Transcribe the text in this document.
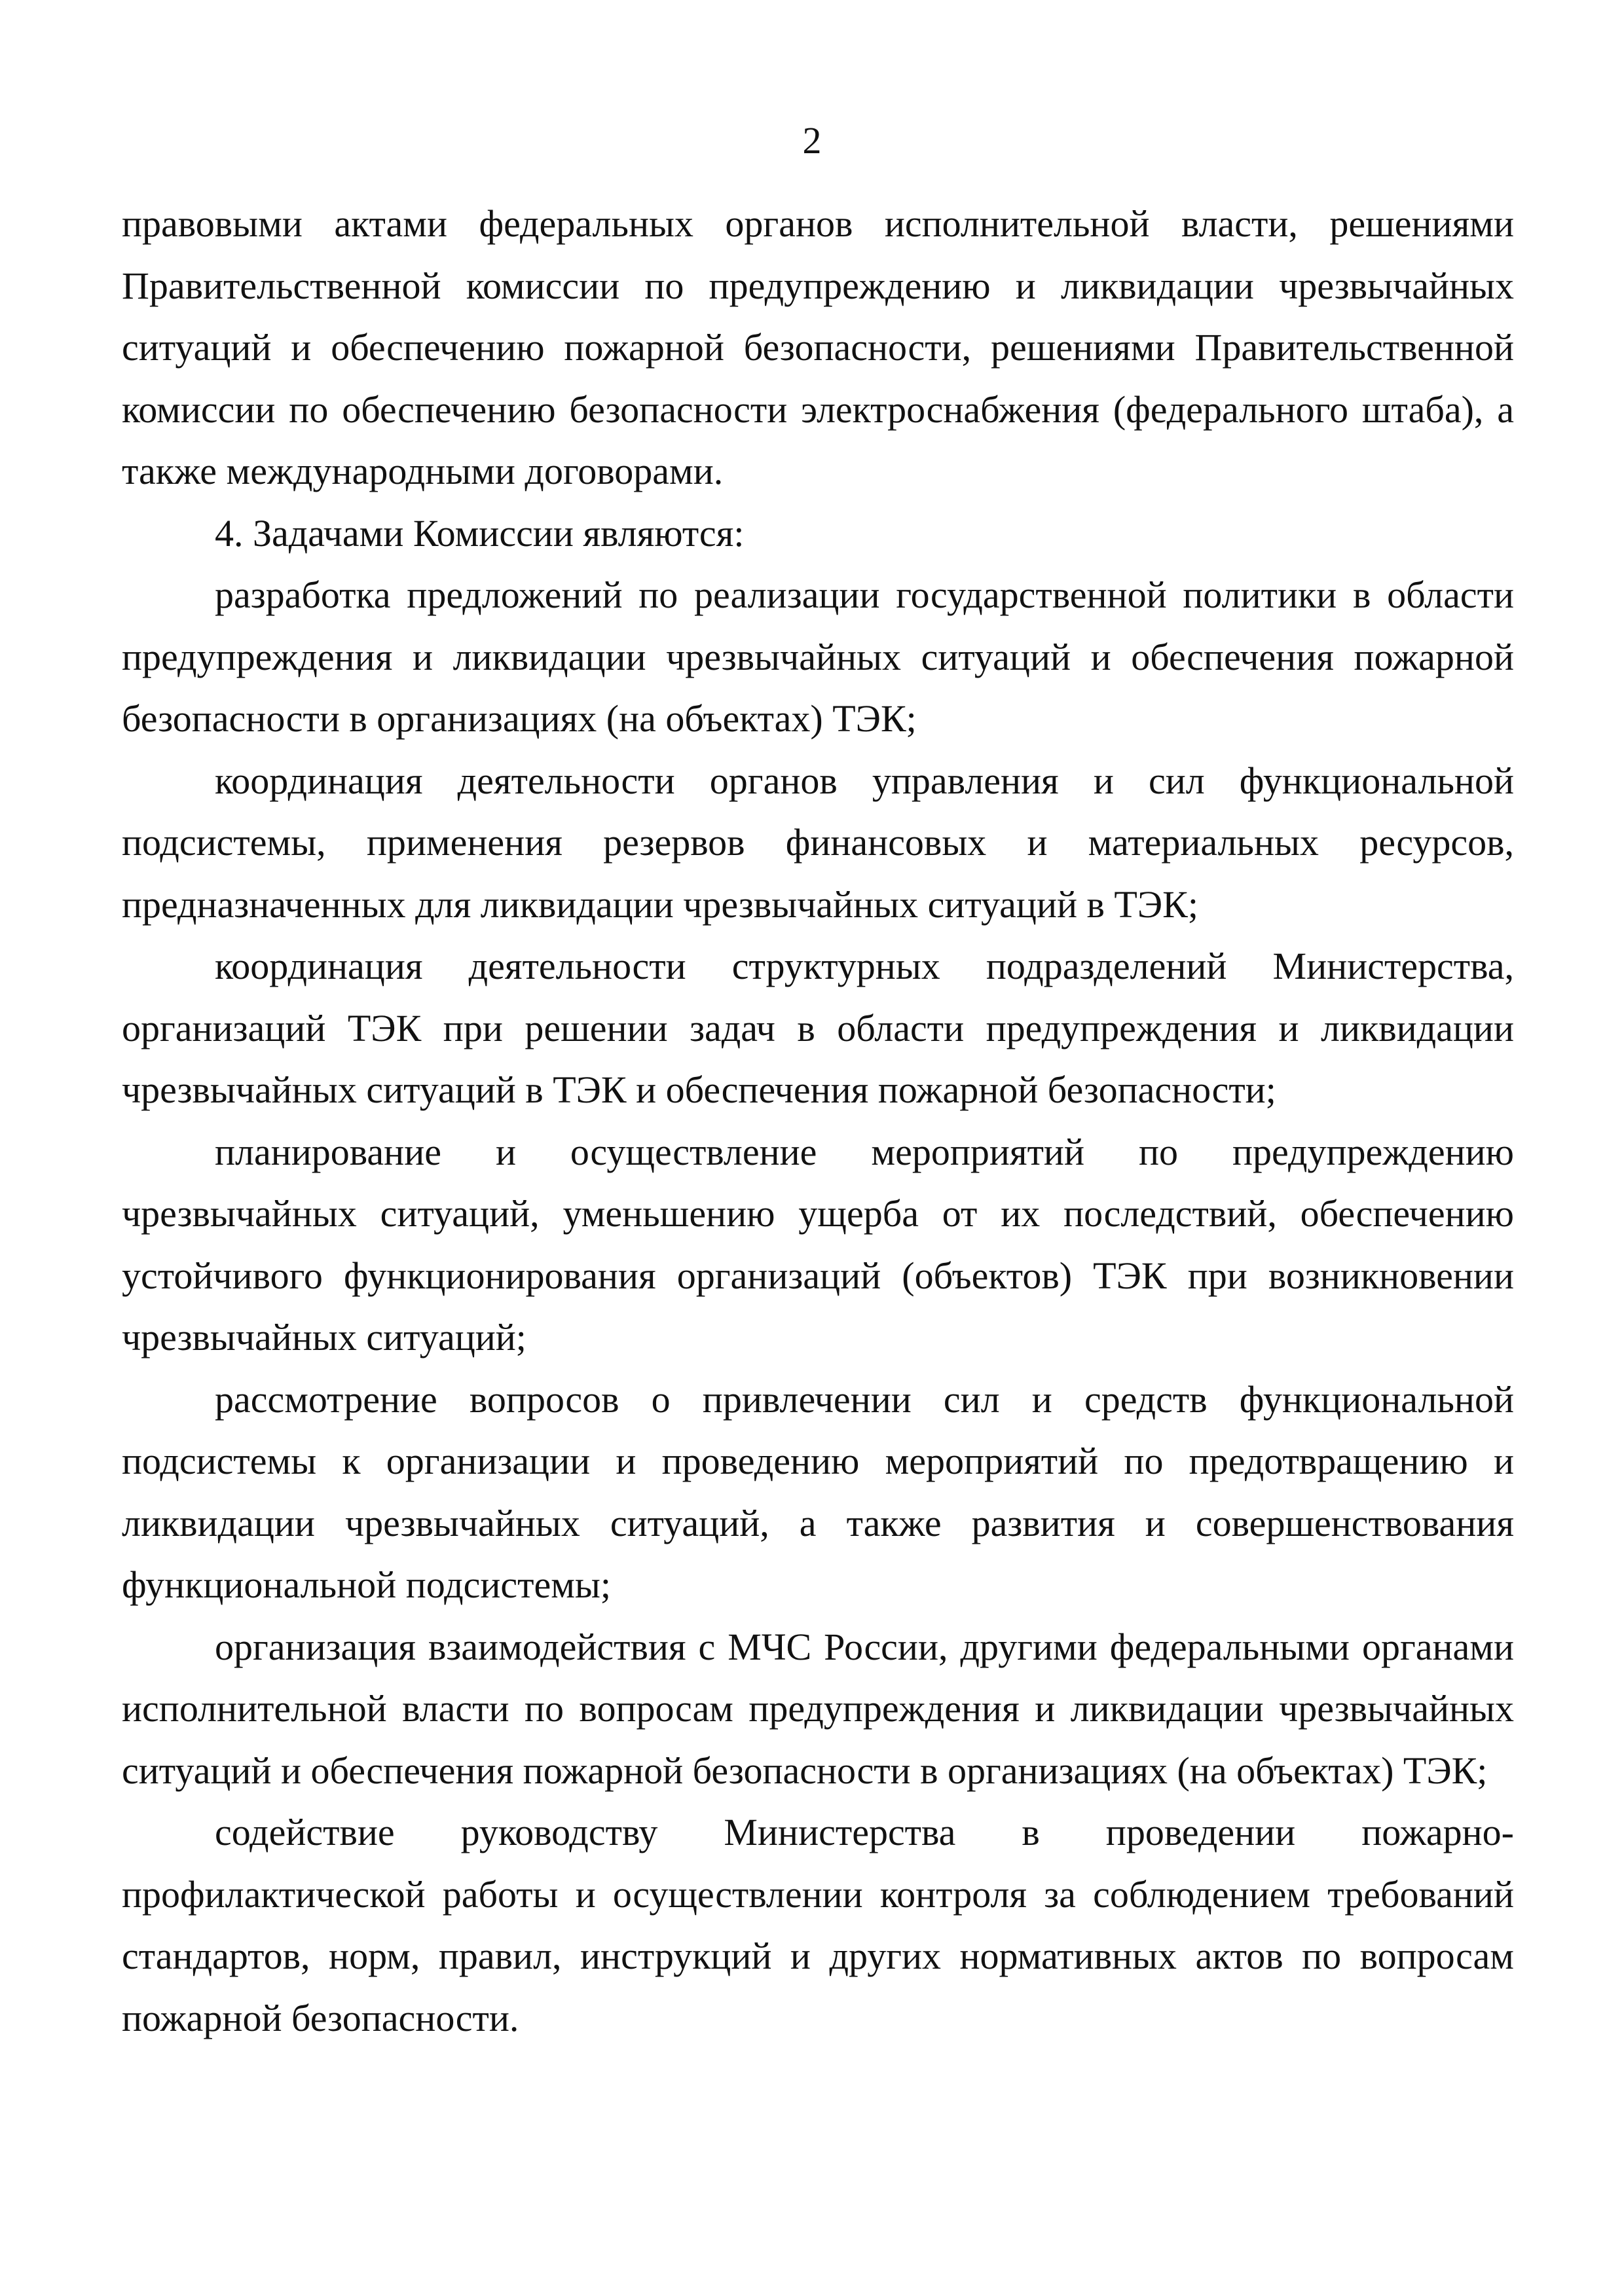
2

правовыми актами федеральных органов исполнительной власти, решениями Правительственной комиссии по предупреждению и ликвидации чрезвычайных ситуаций и обеспечению пожарной безопасности, решениями Правительственной комиссии по обеспечению безопасности электроснабжения (федерального штаба), а также международными договорами.

4. Задачами Комиссии являются:

разработка предложений по реализации государственной политики в области предупреждения и ликвидации чрезвычайных ситуаций и обеспечения пожарной безопасности в организациях (на объектах) ТЭК;

координация деятельности органов управления и сил функциональной подсистемы, применения резервов финансовых и материальных ресурсов, предназначенных для ликвидации чрезвычайных ситуаций в ТЭК;

координация деятельности структурных подразделений Министерства, организаций ТЭК при решении задач в области предупреждения и ликвидации чрезвычайных ситуаций в ТЭК и обеспечения пожарной безопасности;

планирование и осуществление мероприятий по предупреждению чрезвычайных ситуаций, уменьшению ущерба от их последствий, обеспечению устойчивого функционирования организаций (объектов) ТЭК при возникновении чрезвычайных ситуаций;

рассмотрение вопросов о привлечении сил и средств функциональной подсистемы к организации и проведению мероприятий по предотвращению и ликвидации чрезвычайных ситуаций, а также развития и совершенствования функциональной подсистемы;

организация взаимодействия с МЧС России, другими федеральными органами исполнительной власти по вопросам предупреждения и ликвидации чрезвычайных ситуаций и обеспечения пожарной безопасности в организациях (на объектах) ТЭК;

содействие руководству Министерства в проведении пожарно-профилактической работы и осуществлении контроля за соблюдением требований стандартов, норм, правил, инструкций и других нормативных актов по вопросам пожарной безопасности.
